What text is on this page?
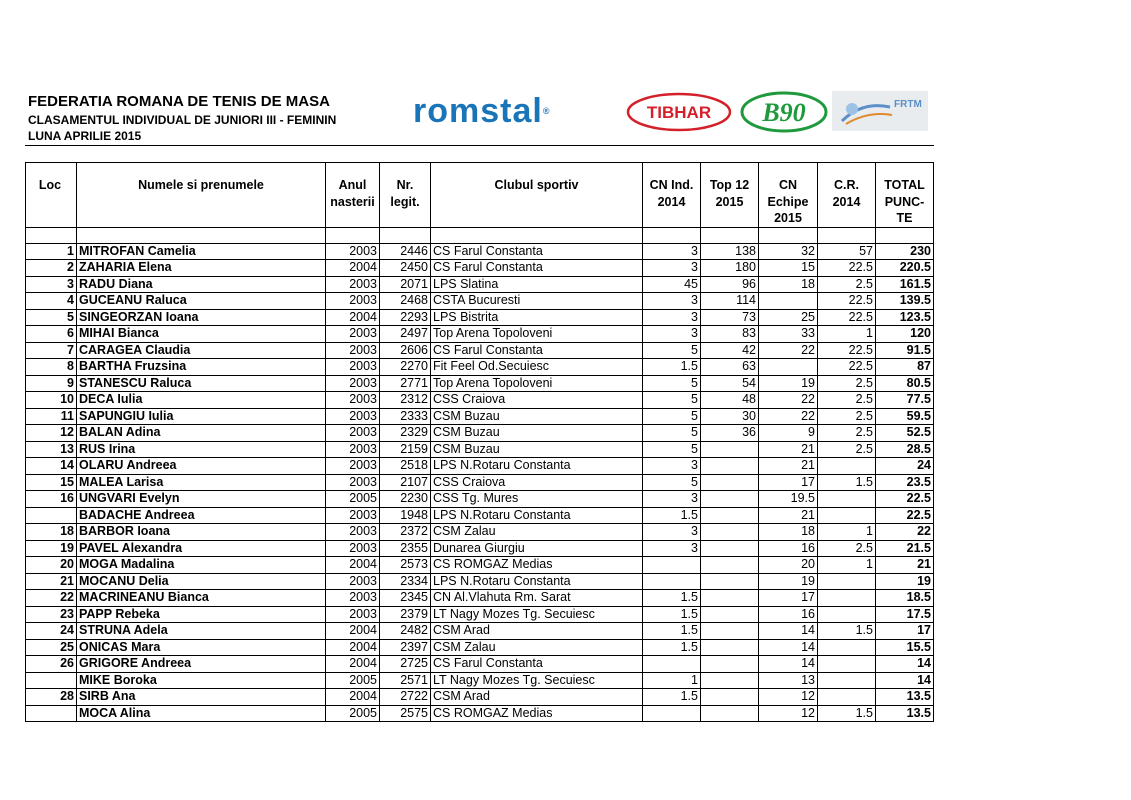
FEDERATIA ROMANA DE TENIS DE MASA
CLASAMENTUL INDIVIDUAL DE JUNIORI III - FEMININ
LUNA APRILIE 2015
romstal®	TIBHAR B90	FRTM
Loc	Numele si prenumele	Anul nasterii	Nr. legit.	Clubul sportiv	CN Ind. 2014	Top 12 2015	CN Echipe 2015	C.R. 2014	TOTAL PUNC-TE

1	MITROFAN Camelia	2003	2446	CS Farul Constanta	3	138	32	57	230
2	ZAHARIA Elena	2004	2450	CS Farul Constanta	3	180	15	22.5	220.5
3	RADU Diana	2003	2071	LPS Slatina	45	96	18	2.5	161.5
4	GUCEANU Raluca	2003	2468	CSTA Bucuresti	3	114		22.5	139.5
5	SINGEORZAN Ioana	2004	2293	LPS Bistrita	3	73	25	22.5	123.5
6	MIHAI Bianca	2003	2497	Top Arena Topoloveni	3	83	33	1	120
7	CARAGEA Claudia	2003	2606	CS Farul Constanta	5	42	22	22.5	91.5
8	BARTHA Fruzsina	2003	2270	Fit Feel Od.Secuiesc	1.5	63		22.5	87
9	STANESCU Raluca	2003	2771	Top Arena Topoloveni	5	54	19	2.5	80.5
10	DECA Iulia	2003	2312	CSS Craiova	5	48	22	2.5	77.5
11	SAPUNGIU Iulia	2003	2333	CSM Buzau	5	30	22	2.5	59.5
12	BALAN Adina	2003	2329	CSM Buzau	5	36	9	2.5	52.5
13	RUS Irina	2003	2159	CSM Buzau	5		21	2.5	28.5
14	OLARU Andreea	2003	2518	LPS N.Rotaru Constanta	3		21		24
15	MALEA Larisa	2003	2107	CSS Craiova	5		17	1.5	23.5
16	UNGVARI Evelyn	2005	2230	CSS Tg. Mures	3		19.5		22.5
	BADACHE Andreea	2003	1948	LPS N.Rotaru Constanta	1.5		21		22.5
18	BARBOR Ioana	2003	2372	CSM Zalau	3		18	1	22
19	PAVEL Alexandra	2003	2355	Dunarea Giurgiu	3		16	2.5	21.5
20	MOGA Madalina	2004	2573	CS ROMGAZ Medias			20	1	21
21	MOCANU Delia	2003	2334	LPS N.Rotaru Constanta			19		19
22	MACRINEANU Bianca	2003	2345	CN Al.Vlahuta Rm. Sarat	1.5		17		18.5
23	PAPP Rebeka	2003	2379	LT Nagy Mozes Tg. Secuiesc	1.5		16		17.5
24	STRUNA Adela	2004	2482	CSM Arad	1.5		14	1.5	17
25	ONICAS Mara	2004	2397	CSM Zalau	1.5		14		15.5
26	GRIGORE Andreea	2004	2725	CS Farul Constanta			14		14
	MIKE Boroka	2005	2571	LT Nagy Mozes Tg. Secuiesc	1		13		14
28	SIRB Ana	2004	2722	CSM Arad	1.5		12		13.5
	MOCA Alina	2005	2575	CS ROMGAZ Medias			12	1.5	13.5
